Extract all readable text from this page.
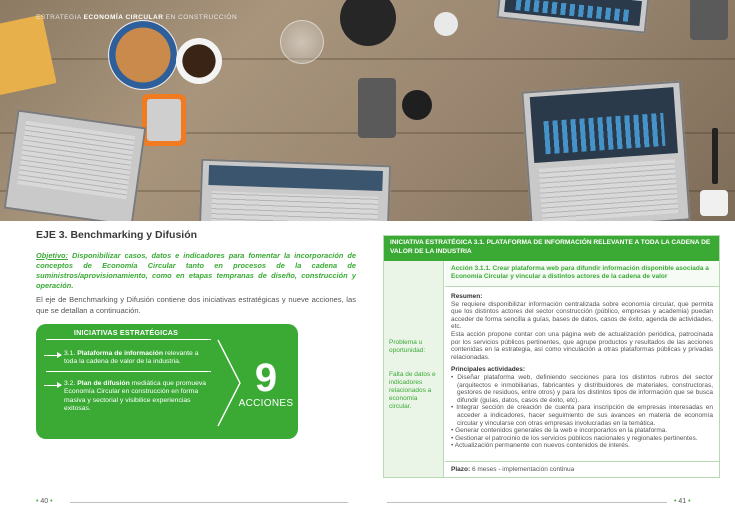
ESTRATEGIA ECONOMÍA CIRCULAR EN CONSTRUCCIÓN
EJE 3. Benchmarking y Difusión
Objetivo: Disponibilizar casos, datos e indicadores para fomentar la incorporación de conceptos de Economía Circular tanto en procesos de la cadena de suministros/aprovisionamiento, como en etapas tempranas de diseño, construcción y operación.
El eje de Benchmarking y Difusión contiene dos iniciativas estratégicas y nueve acciones, las que se detallan a continuación.
INICIATIVAS ESTRATÉGICAS
3.1. Plataforma de información relevante a toda la cadena de valor de la industria.
3.2. Plan de difusión mediática que promueva Economía Circular en construcción en forma masiva y sectorial y visibilice experiencias exitosas.
9
ACCIONES
• 40 •
INICIATIVA ESTRATÉGICA 3.1. PLATAFORMA DE INFORMACIÓN RELEVANTE A TODA LA CADENA DE VALOR DE LA INDUSTRIA
Problema u oportunidad:
Falta de datos e indicadores relacionados a economía circular.
Acción 3.1.1. Crear plataforma web para difundir información disponible asociada a Economía Circular y vincular a distintos actores de la cadena de valor
Resumen:
Se requiere disponibilizar información centralizada sobre economía circular, que permita que los distintos actores del sector construcción (público, empresas y academia) puedan acceder de forma sencilla a guías, bases de datos, casos de éxito, agenda de actividades, etc.
Esta acción propone contar con una página web de actualización periódica, patrocinada por los servicios públicos pertinentes, que agrupe productos y resultados de las acciones contenidas en la estrategia, así como vinculación a otras plataformas públicas y privadas relacionadas.
Principales actividades:
• Diseñar plataforma web, definiendo secciones para los distintos rubros del sector (arquitectos e inmobiliarias, fabricantes y distribuidores de materiales, constructoras, gestores de residuos, entre otros) y para los distintos tipos de información que se busca difundir (guías, datos, casos de éxito, etc).
• Integrar sección de creación de cuenta para inscripción de empresas interesadas en acceder a indicadores, hacer seguimiento de sus avances en materia de economía circular y vincularse con otras empresas involucradas en la temática.
• Generar contenidos generales de la web e incorporarlos en la plataforma.
• Gestionar el patrocinio de los servicios públicos nacionales y regionales pertinentes.
• Actualización permanente con nuevos contenidos de interés.
Plazo: 6 meses - implementación continua
• 41 •
